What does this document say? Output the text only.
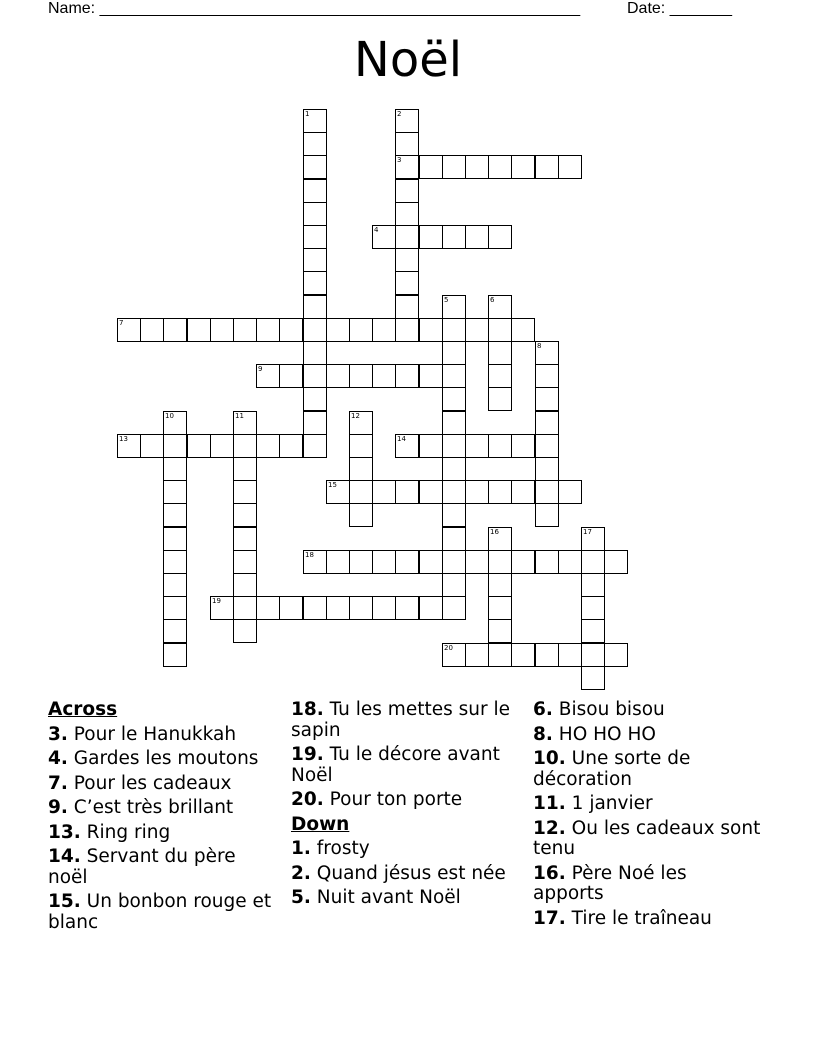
Name: ______________________________________________________	Date: _______
Noël
1	2
3
4
5	6
7
8
9
10	11	12
13	14
15
16	17
18
19
20
Across
3. Pour le Hanukkah
4. Gardes les moutons
7. Pour les cadeaux
9. C’est très brillant
13. Ring ring
14. Servant du père noël
15. Un bonbon rouge et blanc
18. Tu les mettes sur le sapin
19. Tu le décore avant Noël
20. Pour ton porte
Down
1. frosty
2. Quand jésus est née
5. Nuit avant Noël
6. Bisou bisou
8. HO HO HO
10. Une sorte de décoration
11. 1 janvier
12. Ou les cadeaux sont tenu
16. Père Noé les apports
17. Tire le traîneau
